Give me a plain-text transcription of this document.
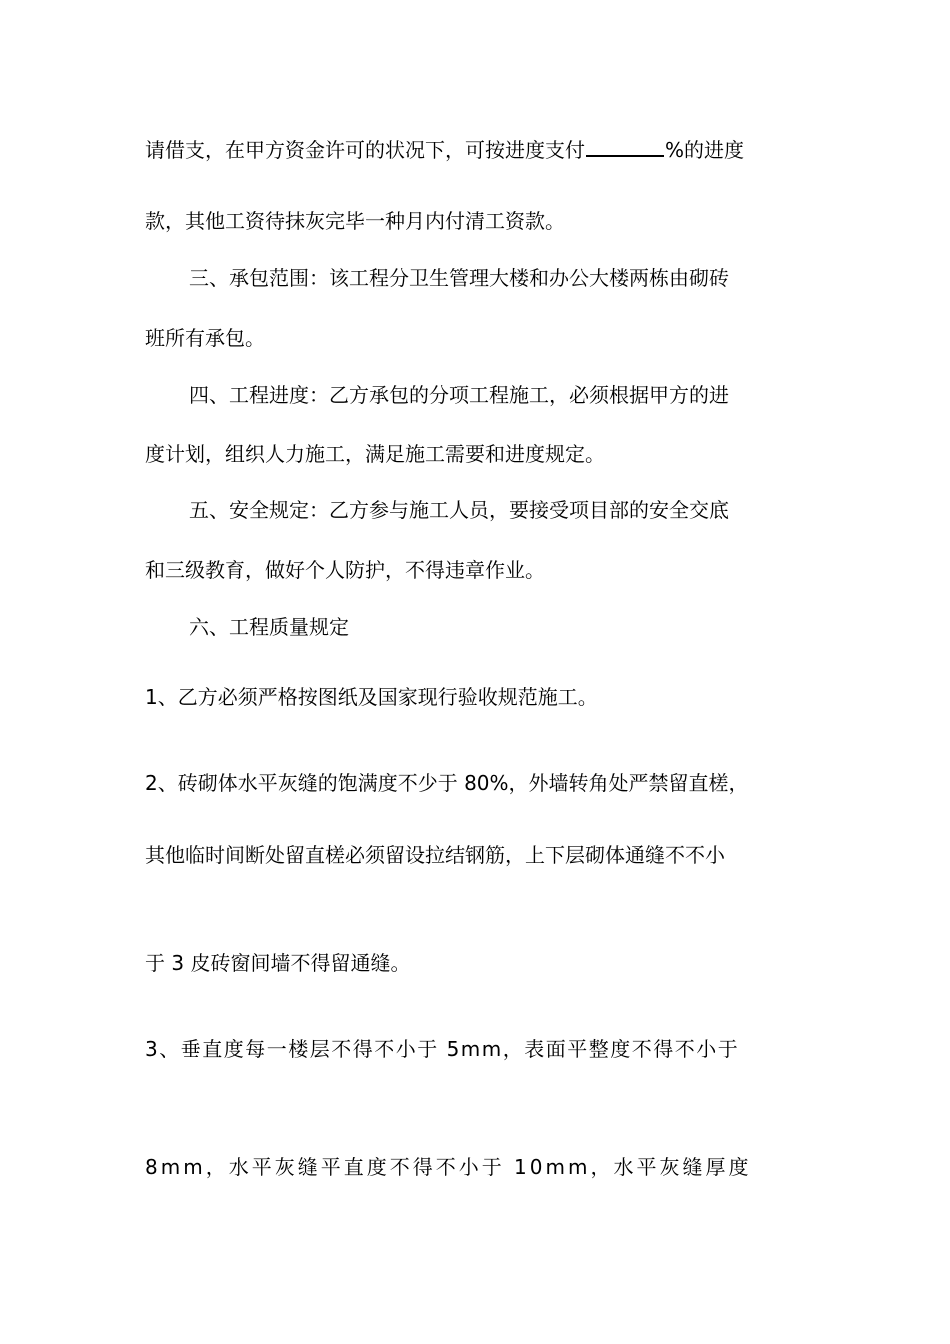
请借支，在甲方资金许可的状况下，可按进度支付	%的进度
款，其他工资待抹灰完毕一种月内付清工资款。
三、承包范围：该工程分卫生管理大楼和办公大楼两栋由砌砖
班所有承包。
四、工程进度：乙方承包的分项工程施工，必须根据甲方的进
度计划，组织人力施工，满足施工需要和进度规定。
五、安全规定：乙方参与施工人员，要接受项目部的安全交底
和三级教育，做好个人防护，不得违章作业。
六、工程质量规定
1、乙方必须严格按图纸及国家现行验收规范施工。
2、砖砌体水平灰缝的饱满度不少于 80%，外墙转角处严禁留直槎，
其他临时间断处留直槎必须留设拉结钢筋，上下层砌体通缝不不小
于 3 皮砖窗间墙不得留通缝。
3、垂直度每一楼层不得不小于 5mm，表面平整度不得不小于
8mm，水平灰缝平直度不得不小于 10mm，水平灰缝厚度
